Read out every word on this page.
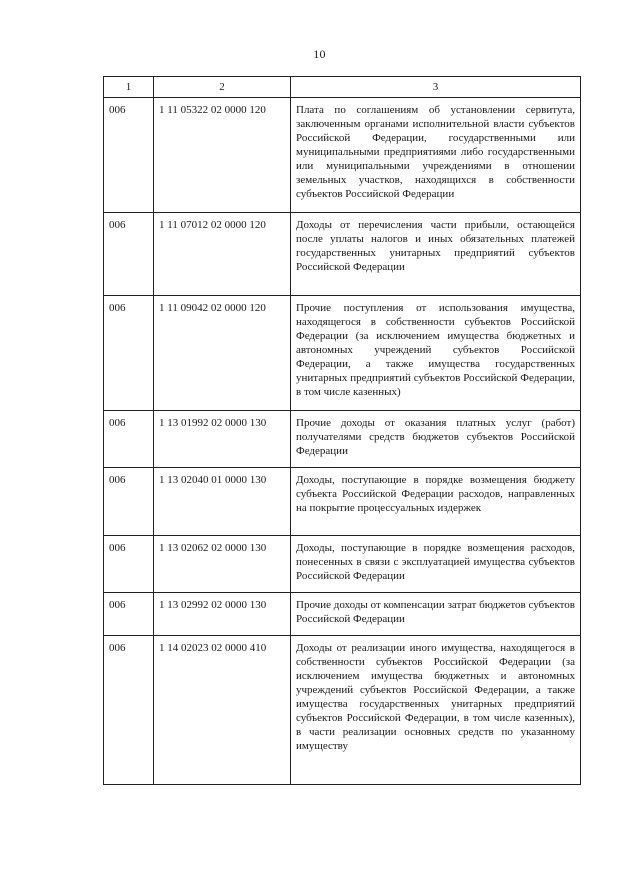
10
1	2	3
006	1 11 05322 02 0000 120	Плата по соглашениям об установлении сервитута, заключенным органами исполнительной власти субъектов Российской Федерации, государственными или муниципальными предприятиями либо государственными или муниципальными учреждениями в отношении земельных участков, находящихся в собственности субъектов Российской Федерации
006	1 11 07012 02 0000 120	Доходы от перечисления части прибыли, остающейся после уплаты налогов и иных обязательных платежей государственных унитарных предприятий субъектов Российской Федерации
006	1 11 09042 02 0000 120	Прочие поступления от использования имущества, находящегося в собственности субъектов Российской Федерации (за исключением имущества бюджетных и автономных учреждений субъектов Российской Федерации, а также имущества государственных унитарных предприятий субъектов Российской Федерации, в том числе казенных)
006	1 13 01992 02 0000 130	Прочие доходы от оказания платных услуг (работ) получателями средств бюджетов субъектов Российской Федерации
006	1 13 02040 01 0000 130	Доходы, поступающие в порядке возмещения бюджету субъекта Российской Федерации расходов, направленных на покрытие процессуальных издержек
006	1 13 02062 02 0000 130	Доходы, поступающие в порядке возмещения расходов, понесенных в связи с эксплуатацией имущества субъектов Российской Федерации
006	1 13 02992 02 0000 130	Прочие доходы от компенсации затрат бюджетов субъектов Российской Федерации
006	1 14 02023 02 0000 410	Доходы от реализации иного имущества, находящегося в собственности субъектов Российской Федерации (за исключением имущества бюджетных и автономных учреждений субъектов Российской Федерации, а также имущества государственных унитарных предприятий субъектов Российской Федерации, в том числе казенных), в части реализации основных средств по указанному имуществу
